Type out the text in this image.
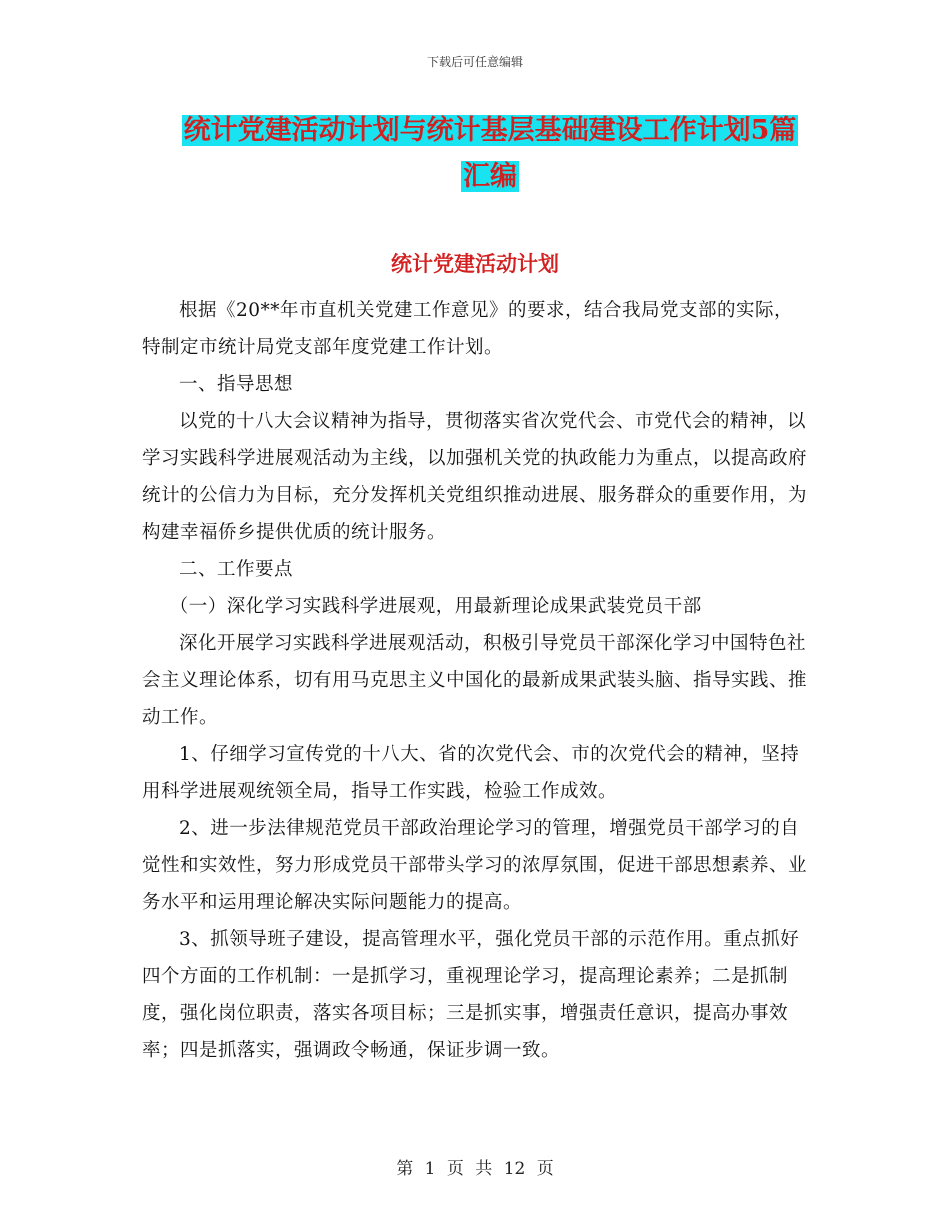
下载后可任意编辑
统计党建活动计划与统计基层基础建设工作计划5篇
汇编
统计党建活动计划

根据《20**年市直机关党建工作意见》的要求，结合我局党支部的实际，特制定市统计局党支部年度党建工作计划。

一、指导思想

以党的十八大会议精神为指导，贯彻落实省次党代会、市党代会的精神，以学习实践科学进展观活动为主线，以加强机关党的执政能力为重点，以提高政府统计的公信力为目标，充分发挥机关党组织推动进展、服务群众的重要作用，为构建幸福侨乡提供优质的统计服务。

二、工作要点

（一）深化学习实践科学进展观，用最新理论成果武装党员干部

深化开展学习实践科学进展观活动，积极引导党员干部深化学习中国特色社会主义理论体系，切有用马克思主义中国化的最新成果武装头脑、指导实践、推动工作。

1、仔细学习宣传党的十八大、省的次党代会、市的次党代会的精神，坚持用科学进展观统领全局，指导工作实践，检验工作成效。

2、进一步法律规范党员干部政治理论学习的管理，增强党员干部学习的自觉性和实效性，努力形成党员干部带头学习的浓厚氛围，促进干部思想素养、业务水平和运用理论解决实际问题能力的提高。

3、抓领导班子建设，提高管理水平，强化党员干部的示范作用。重点抓好四个方面的工作机制：一是抓学习，重视理论学习，提高理论素养；二是抓制度，强化岗位职责，落实各项目标；三是抓实事，增强责任意识，提高办事效率；四是抓落实，强调政令畅通，保证步调一致。

第 1 页 共 12 页
